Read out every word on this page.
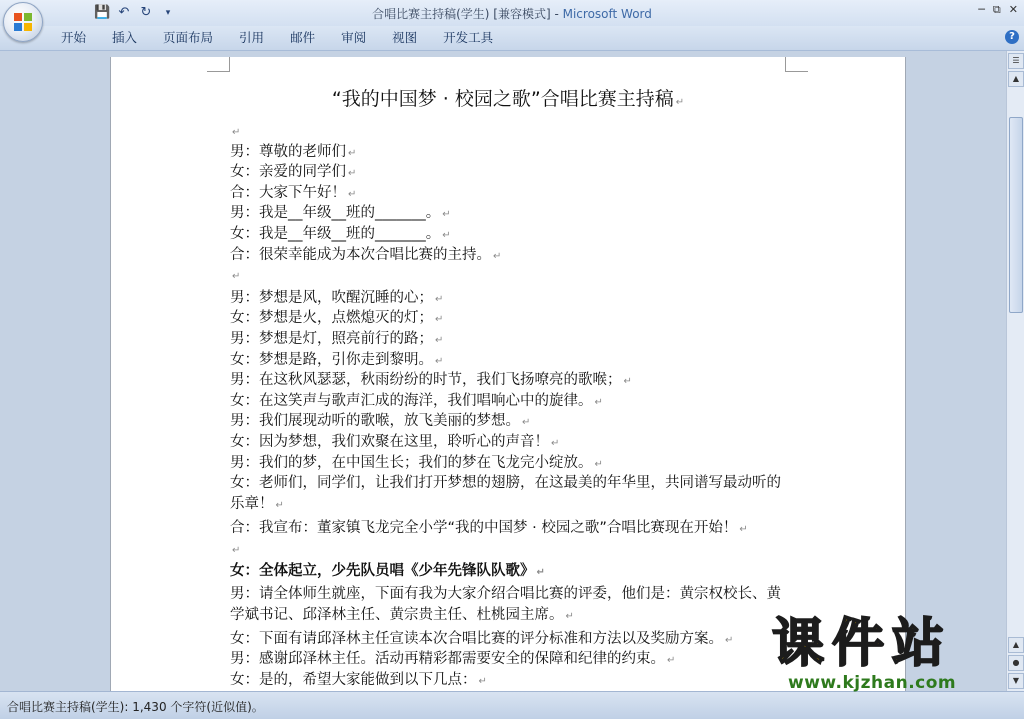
💾 ↶ ↻	▾	合唱比赛主持稿(学生) [兼容模式] - Microsoft Word	─ ⧉ ✕
开始	插入	页面布局	引用	邮件	审阅	视图	开发工具	?
“我的中国梦 · 校园之歌”合唱比赛主持稿 ↵
↵
男：尊敬的老师们 ↵
女：亲爱的同学们 ↵
合：大家下午好！ ↵
男：我是__年级__班的_______。 ↵
女：我是__年级__班的_______。 ↵
合：很荣幸能成为本次合唱比赛的主持。 ↵
↵
男：梦想是风，吹醒沉睡的心； ↵
女：梦想是火，点燃熄灭的灯； ↵
男：梦想是灯，照亮前行的路； ↵
女：梦想是路，引你走到黎明。 ↵
男：在这秋风瑟瑟，秋雨纷纷的时节，我们飞扬嘹亮的歌喉； ↵
女：在这笑声与歌声汇成的海洋，我们唱响心中的旋律。 ↵
男：我们展现动听的歌喉，放飞美丽的梦想。 ↵
女：因为梦想，我们欢聚在这里，聆听心的声音！ ↵
男：我们的梦，在中国生长；我们的梦在飞龙完小绽放。 ↵
女：老师们，同学们，让我们打开梦想的翅膀，在这最美的年华里，共同谱写最动听的乐章！ ↵
合：我宣布：董家镇飞龙完全小学“我的中国梦 · 校园之歌”合唱比赛现在开始！ ↵
↵
女：全体起立，少先队员唱《少年先锋队队歌》 ↵
男：请全体师生就座，下面有我为大家介绍合唱比赛的评委，他们是：黄宗权校长、黄学斌书记、邱泽林主任、黄宗贵主任、杜桃园主席。 ↵
女：下面有请邱泽林主任宣读本次合唱比赛的评分标准和方法以及奖励方案。 ↵
男：感谢邱泽林主任。活动再精彩都需要安全的保障和纪律的约束。 ↵
女：是的，希望大家能做到以下几点： ↵
☰
▲
▲
●
▼
合唱比赛主持稿(学生): 1,430 个字符(近似值)。
课件站
www.kjzhan.com
